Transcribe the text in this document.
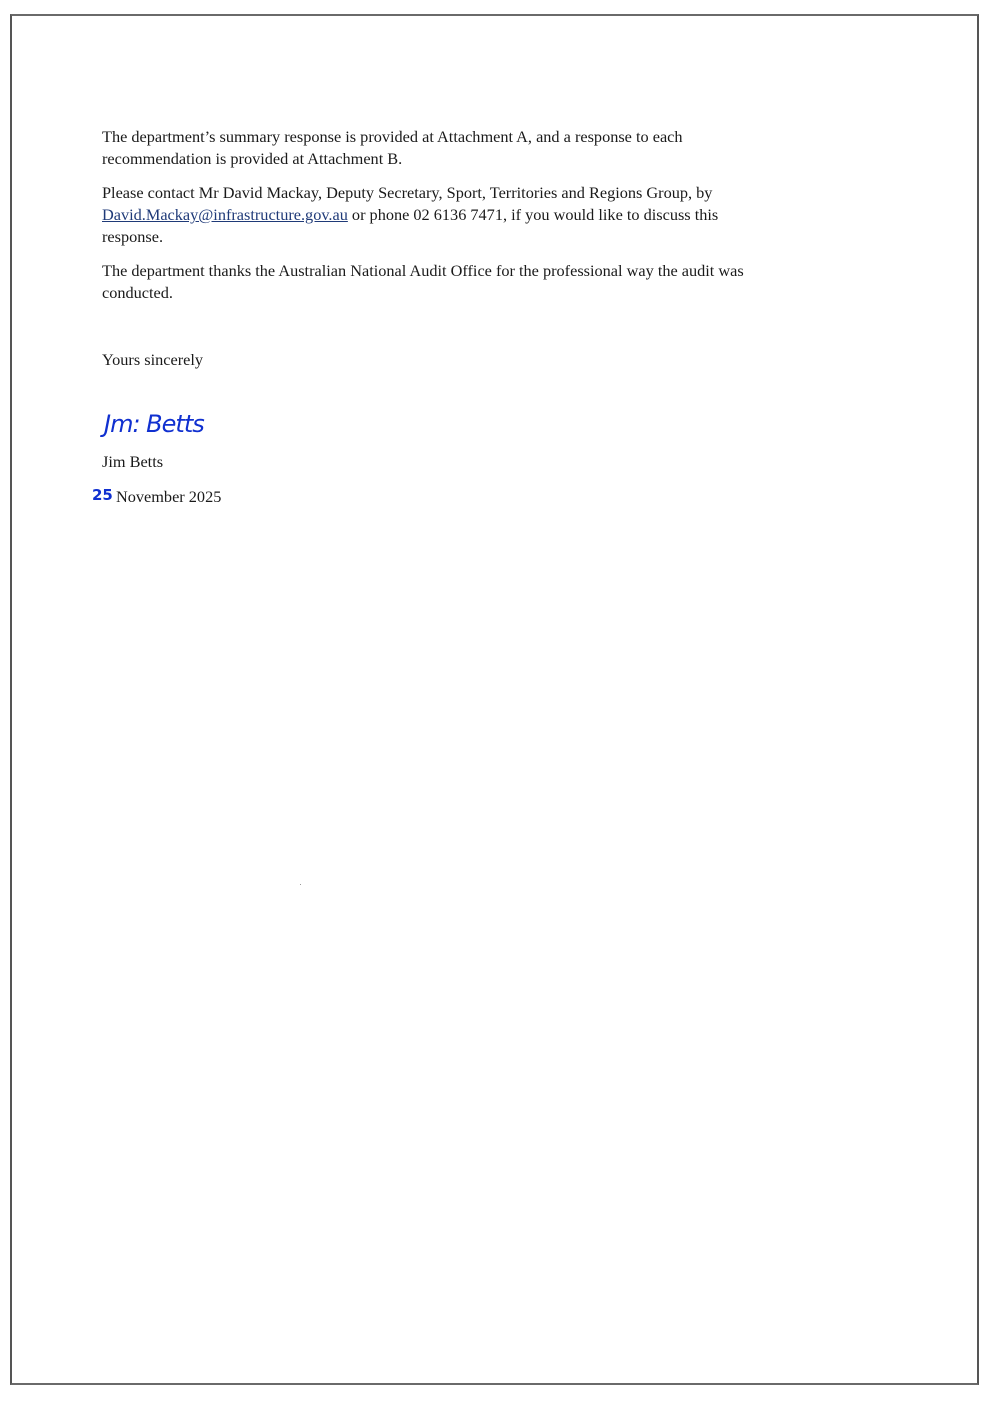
The department’s summary response is provided at Attachment A, and a response to each
recommendation is provided at Attachment B.
Please contact Mr David Mackay, Deputy Secretary, Sport, Territories and Regions Group, by
David.Mackay@infrastructure.gov.au or phone 02 6136 7471, if you would like to discuss this
response.
The department thanks the Australian National Audit Office for the professional way the audit was
conducted.
Yours sincerely
Jm: Betts
Jim Betts
25 November 2025
